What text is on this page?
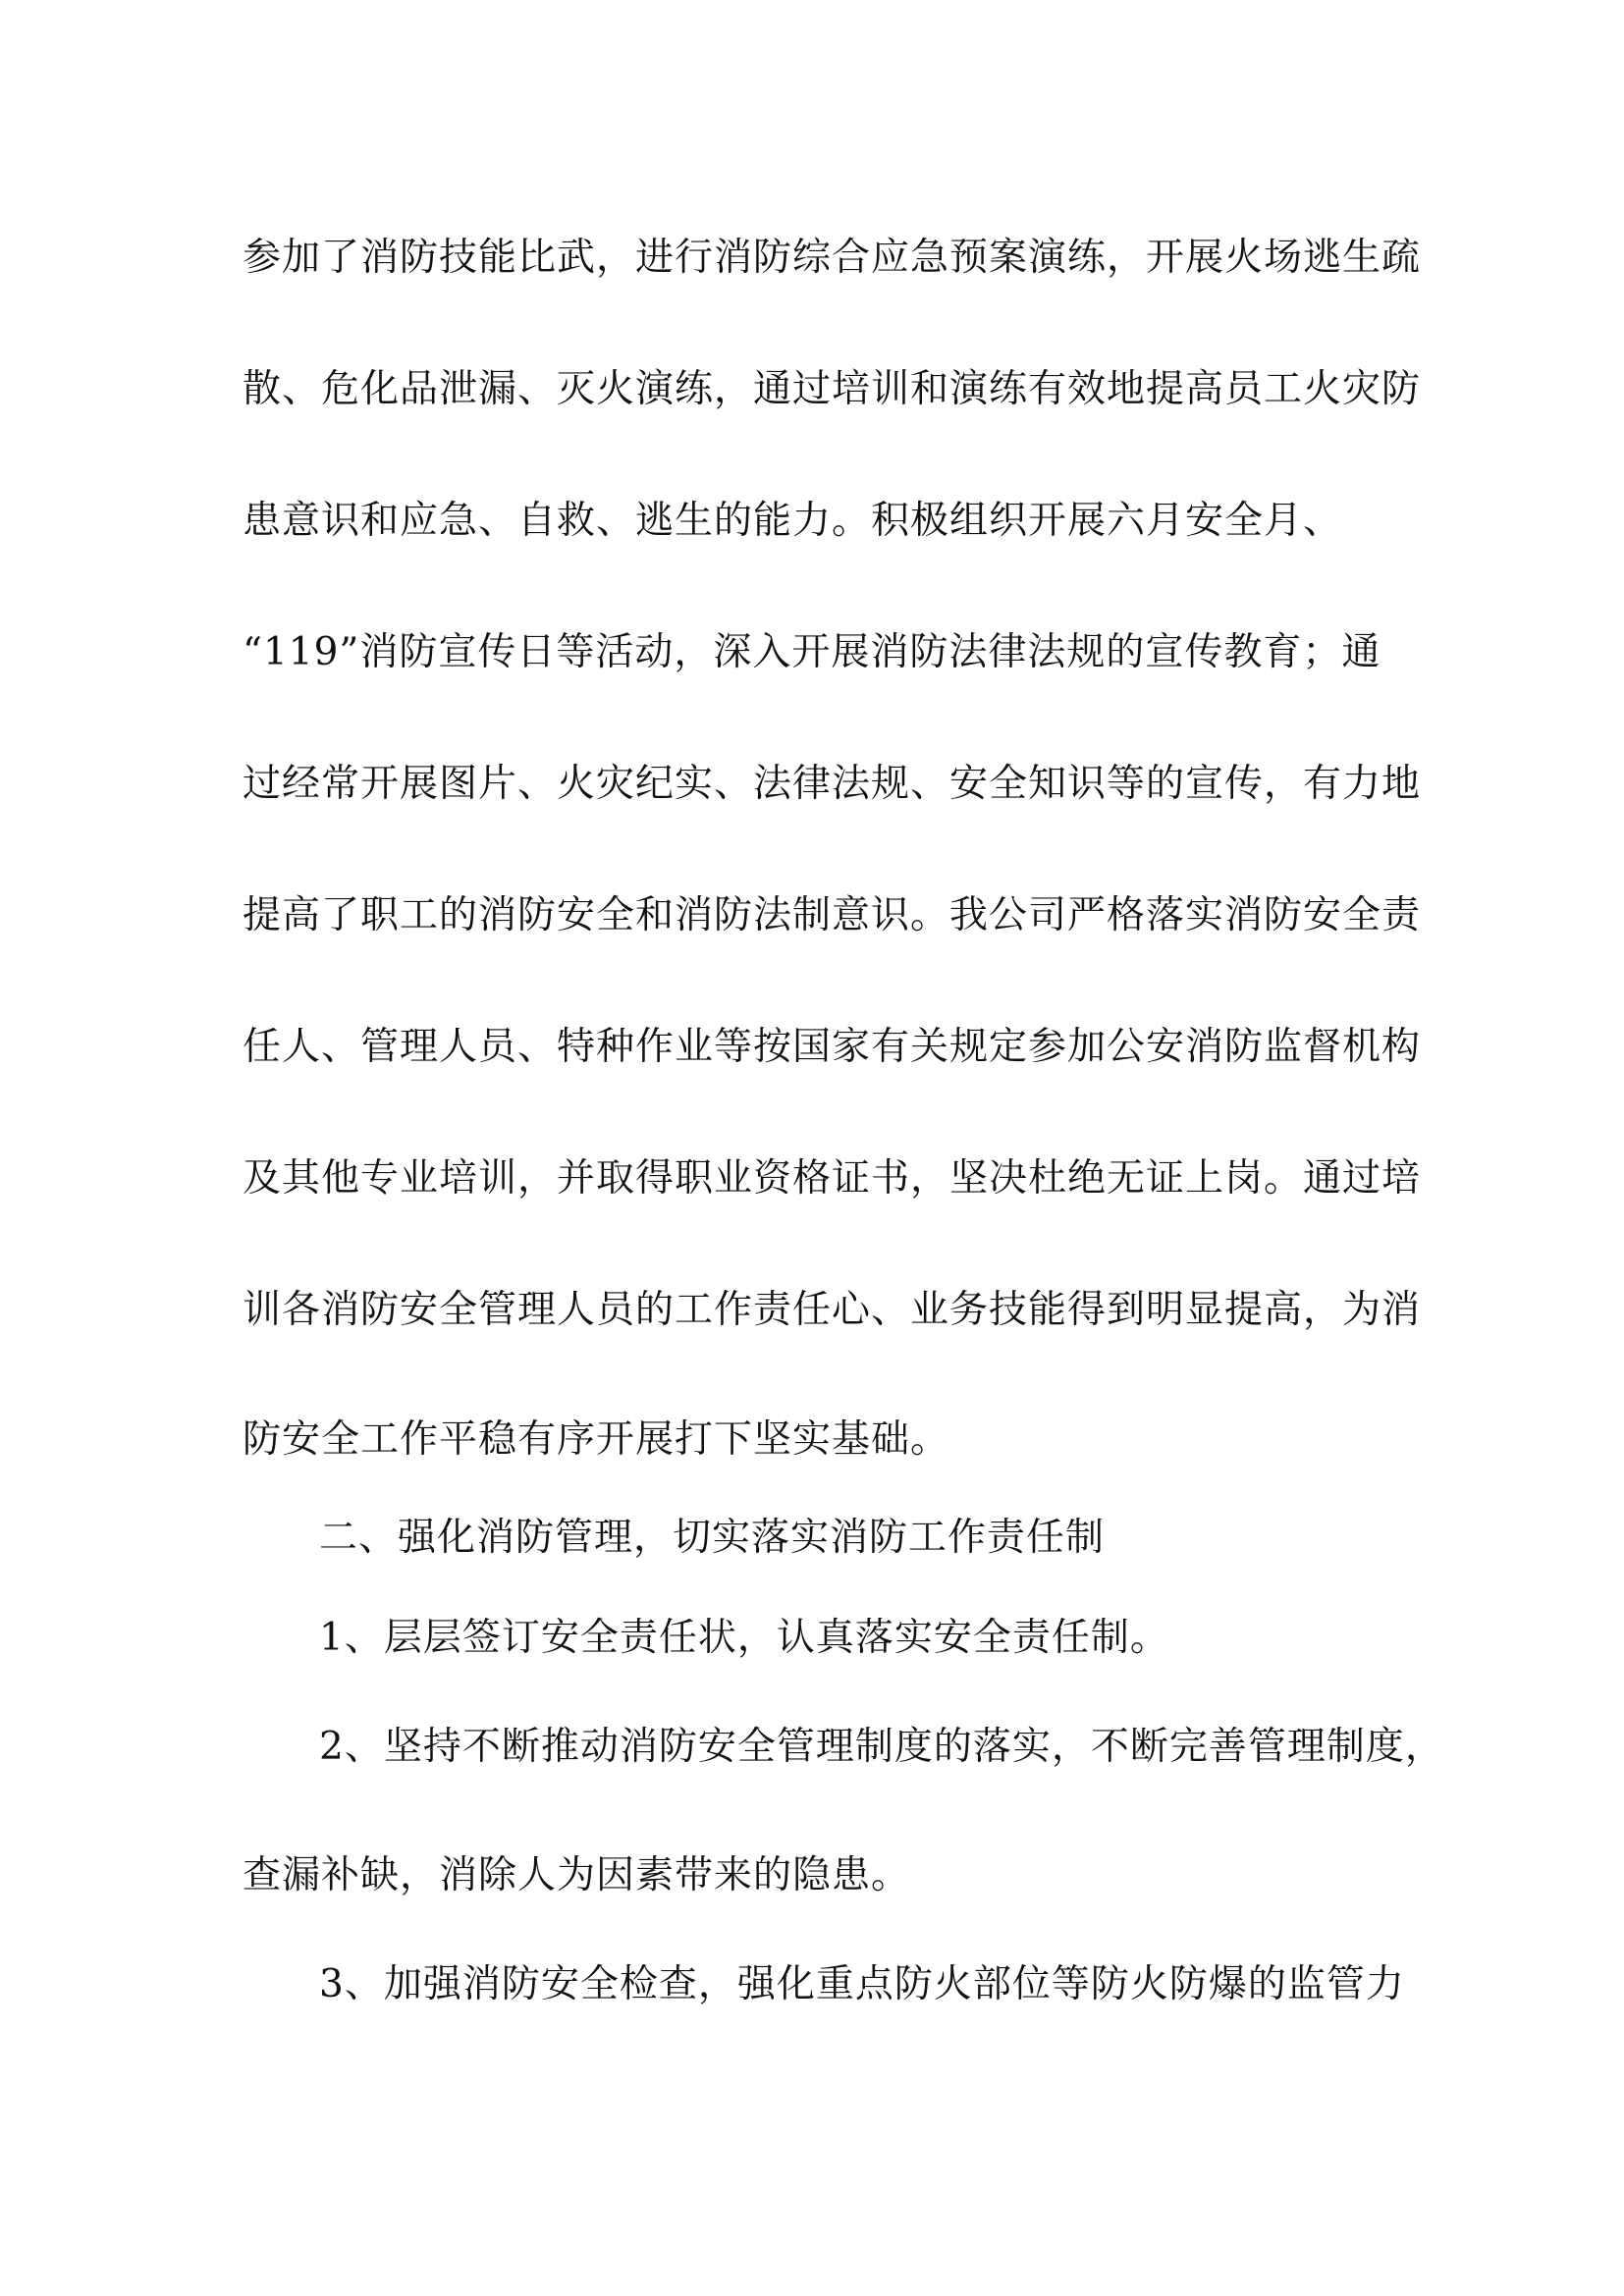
参加了消防技能比武，进行消防综合应急预案演练，开展火场逃生疏
散、危化品泄漏、灭火演练，通过培训和演练有效地提高员工火灾防
患意识和应急、自救、逃生的能力。积极组织开展六月安全月、
“119”消防宣传日等活动，深入开展消防法律法规的宣传教育；通
过经常开展图片、火灾纪实、法律法规、安全知识等的宣传，有力地
提高了职工的消防安全和消防法制意识。我公司严格落实消防安全责
任人、管理人员、特种作业等按国家有关规定参加公安消防监督机构
及其他专业培训，并取得职业资格证书，坚决杜绝无证上岗。通过培
训各消防安全管理人员的工作责任心、业务技能得到明显提高，为消
防安全工作平稳有序开展打下坚实基础。
二、强化消防管理，切实落实消防工作责任制
1、层层签订安全责任状，认真落实安全责任制。
2、坚持不断推动消防安全管理制度的落实，不断完善管理制度，
查漏补缺，消除人为因素带来的隐患。
3、加强消防安全检查，强化重点防火部位等防火防爆的监管力
